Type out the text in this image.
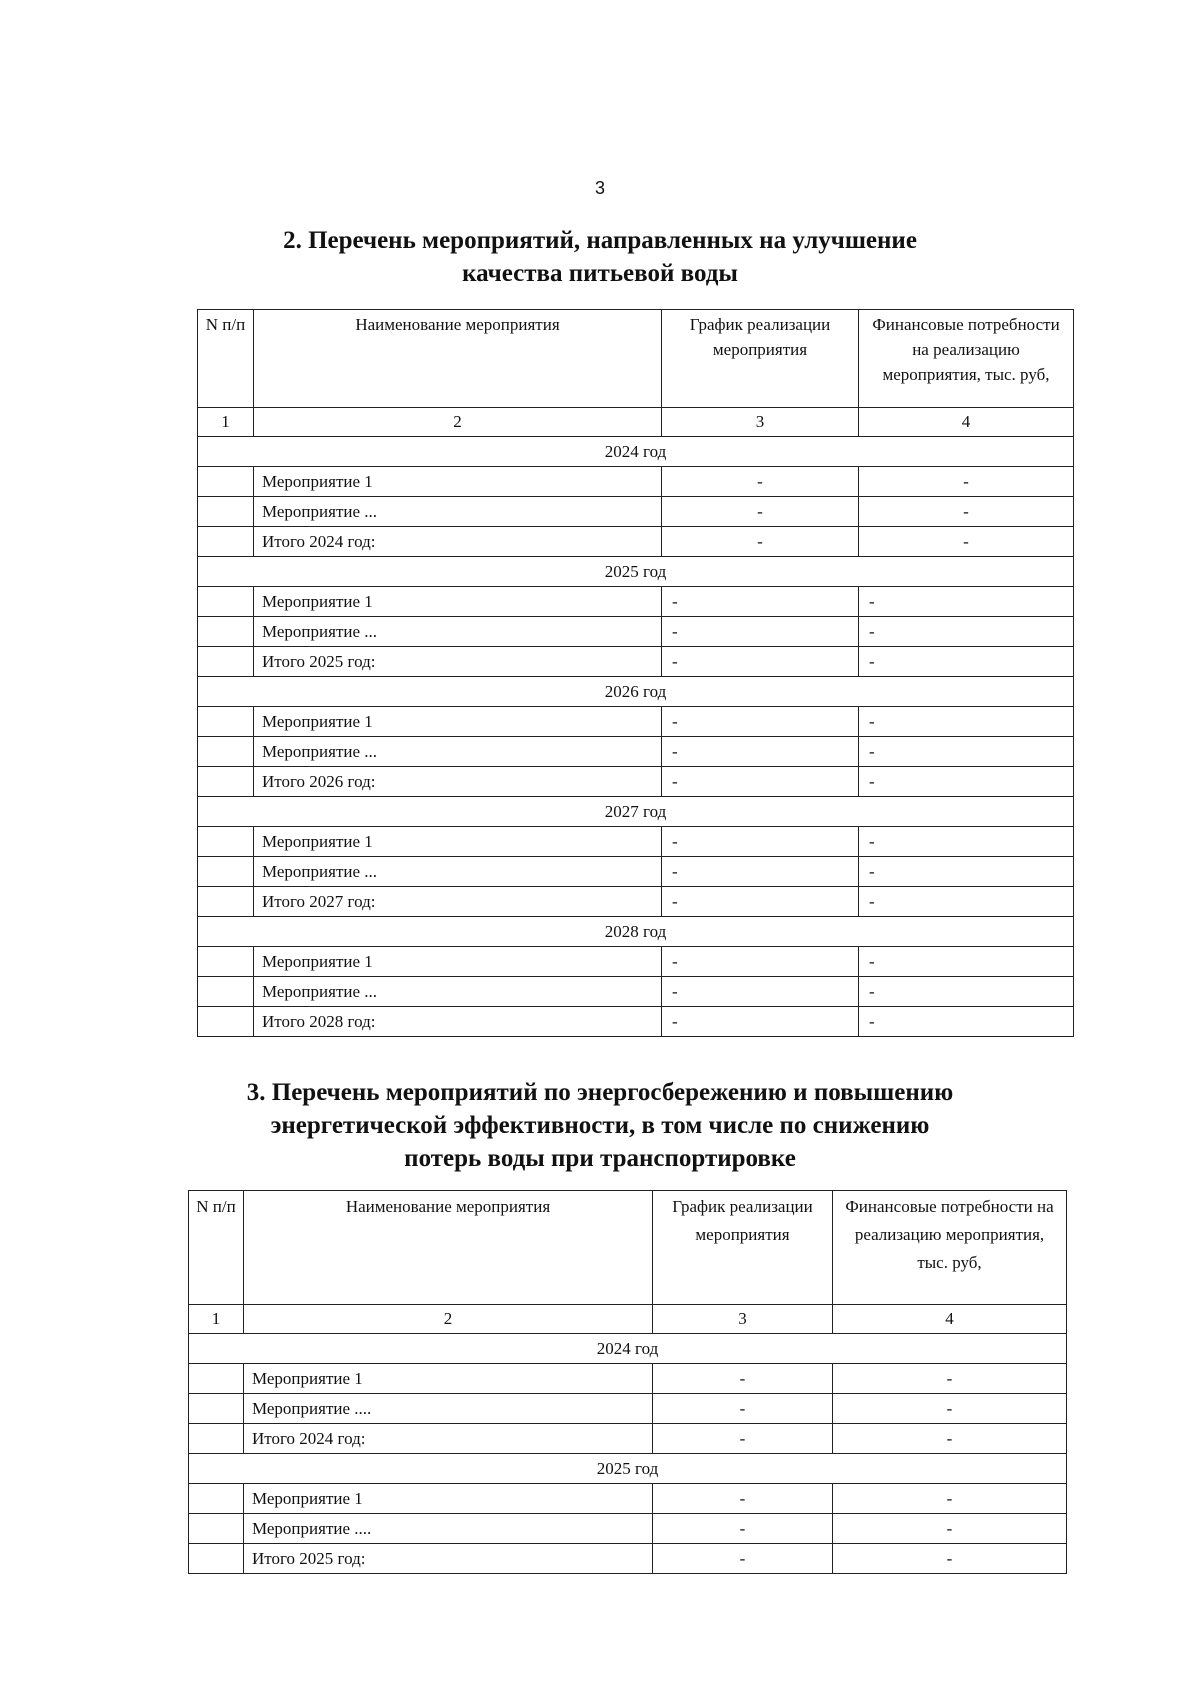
3
2. Перечень мероприятий, направленных на улучшение
качества питьевой воды
N п/п	Наименование мероприятия	График реализации мероприятия	Финансовые потребности на реализацию мероприятия, тыс. руб,
1	2	3	4
2024 год			
	Мероприятие 1	-	-
	Мероприятие ...	-	-
	Итого 2024 год:	-	-
2025 год			
	Мероприятие 1	-	-
	Мероприятие ...	-	-
	Итого 2025 год:	-	-
2026 год			
	Мероприятие 1	-	-
	Мероприятие ...	-	-
	Итого 2026 год:	-	-
2027 год			
	Мероприятие 1	-	-
	Мероприятие ...	-	-
	Итого 2027 год:	-	-
2028 год			
	Мероприятие 1	-	-
	Мероприятие ...	-	-
	Итого 2028 год:	-	-
3. Перечень мероприятий по энергосбережению и повышению
энергетической эффективности, в том числе по снижению
потерь воды при транспортировке
N п/п	Наименование мероприятия	График реализации мероприятия	Финансовые потребности на реализацию мероприятия, тыс. руб,
1	2	3	4
2024 год			
	Мероприятие 1	-	-
	Мероприятие ....	-	-
	Итого 2024 год:	-	-
2025 год			
	Мероприятие 1	-	-
	Мероприятие ....	-	-
	Итого 2025 год:	-	-
